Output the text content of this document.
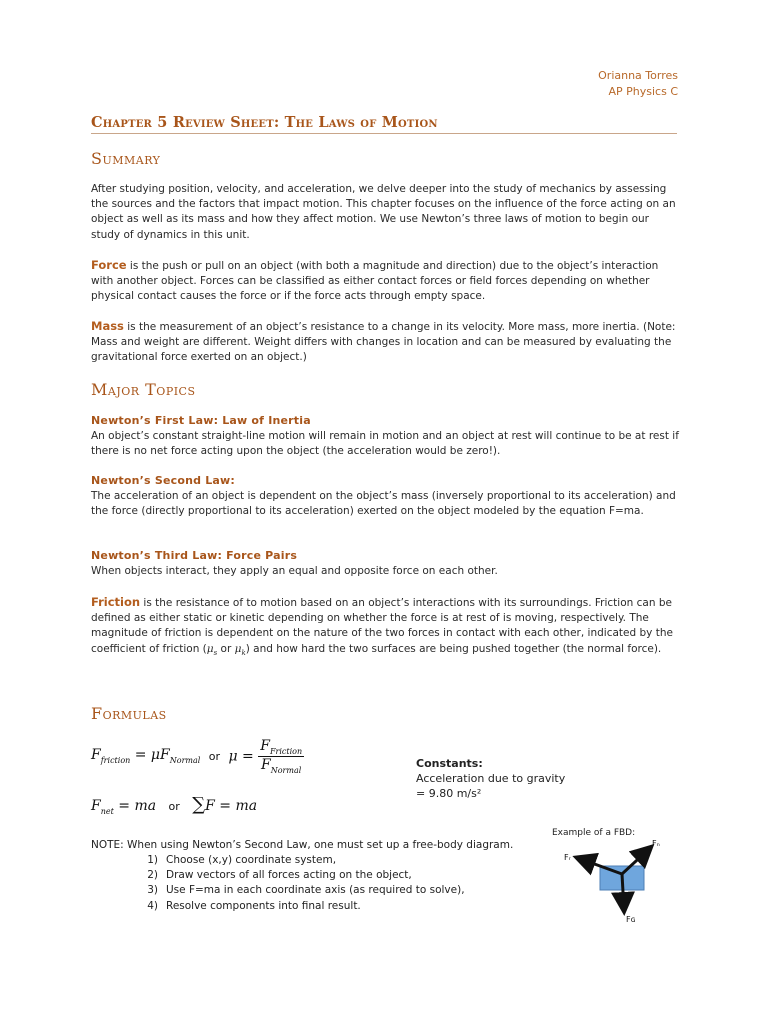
Orianna Torres
AP Physics C
Chapter 5 Review Sheet: The Laws of Motion
Summary
After studying position, velocity, and acceleration, we delve deeper into the study of mechanics by assessing the sources and the factors that impact motion. This chapter focuses on the influence of the force acting on an object as well as its mass and how they affect motion. We use Newton’s three laws of motion to begin our study of dynamics in this unit.
Force is the push or pull on an object (with both a magnitude and direction) due to the object’s interaction with another object. Forces can be classified as either contact forces or field forces depending on whether physical contact causes the force or if the force acts through empty space.
Mass is the measurement of an object’s resistance to a change in its velocity. More mass, more inertia. (Note: Mass and weight are different. Weight differs with changes in location and can be measured by evaluating the gravitational force exerted on an object.)
Major Topics
Newton’s First Law: Law of Inertia
An object’s constant straight-line motion will remain in motion and an object at rest will continue to be at rest if there is no net force acting upon the object (the acceleration would be zero!).
Newton’s Second Law:
The acceleration of an object is dependent on the object’s mass (inversely proportional to its acceleration) and the force (directly proportional to its acceleration) exerted on the object modeled by the equation F=ma.
Newton’s Third Law: Force Pairs
When objects interact, they apply an equal and opposite force on each other.
Friction is the resistance of to motion based on an object’s interactions with its surroundings. Friction can be defined as either static or kinetic depending on whether the force is at rest of is moving, respectively. The magnitude of friction is dependent on the nature of the two forces in contact with each other, indicated by the coefficient of friction ($\mu_s$ or $\mu_k$) and how hard the two surfaces are being pushed together (the normal force).
Formulas
$F_{friction} = \mu F_{Normal}$ or $\mu = \frac{F_{Friction}}{F_{Normal}}$
$F_{net}$ = ma or ∑F = ma
Constants:
Acceleration due to gravity
= 9.80 m/s²
NOTE: When using Newton’s Second Law, one must set up a free-body diagram.
1) Choose (x,y) coordinate system,
2) Draw vectors of all forces acting on the object,
3) Use F=ma in each coordinate axis (as required to solve),
4) Resolve components into final result.
Example of a FBD:
Fₙ
Fᵣ
Fɢ
